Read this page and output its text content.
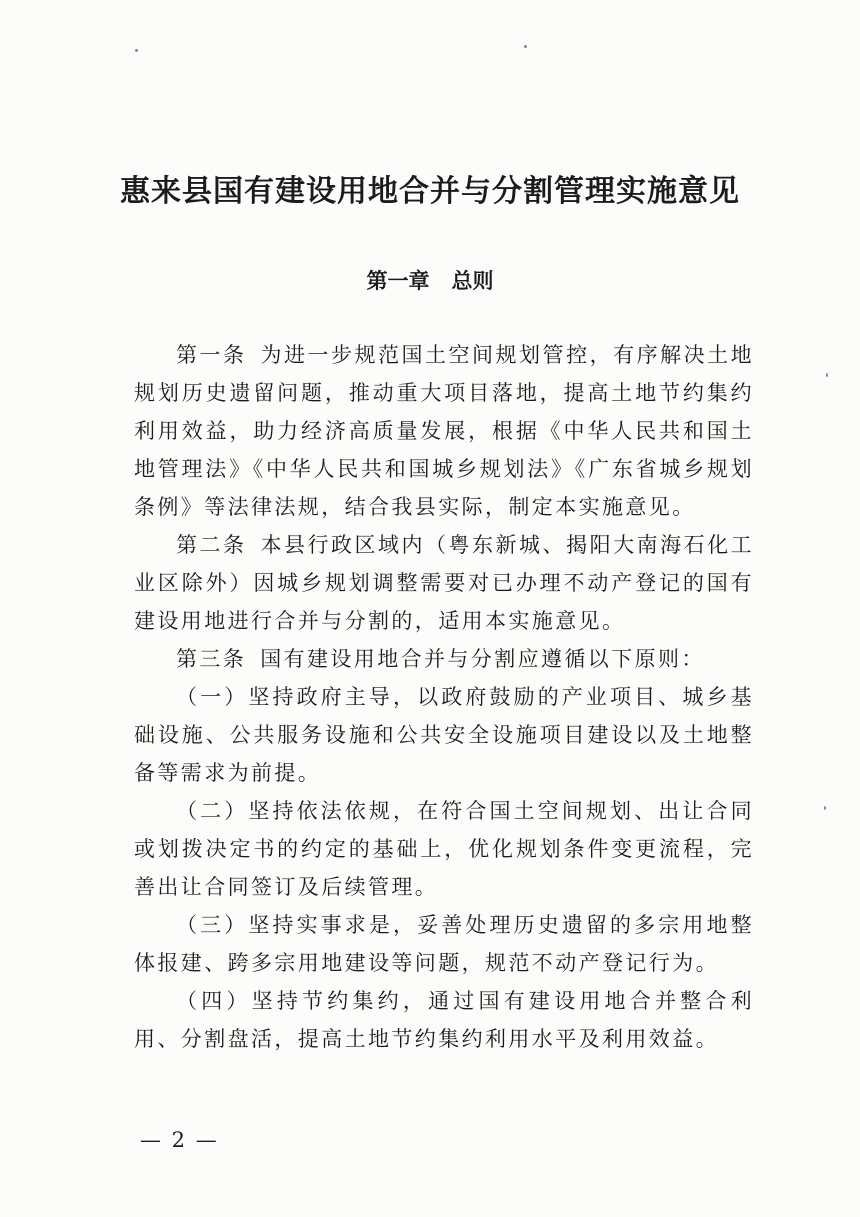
惠来县国有建设用地合并与分割管理实施意见
第一章 总则

第一条 为进一步规范国土空间规划管控，有序解决土地规划历史遗留问题，推动重大项目落地，提高土地节约集约利用效益，助力经济高质量发展，根据《中华人民共和国土地管理法》《中华人民共和国城乡规划法》《广东省城乡规划条例》等法律法规，结合我县实际，制定本实施意见。

第二条 本县行政区域内（粤东新城、揭阳大南海石化工业区除外）因城乡规划调整需要对已办理不动产登记的国有建设用地进行合并与分割的，适用本实施意见。

第三条 国有建设用地合并与分割应遵循以下原则：

（一）坚持政府主导，以政府鼓励的产业项目、城乡基础设施、公共服务设施和公共安全设施项目建设以及土地整备等需求为前提。

（二）坚持依法依规，在符合国土空间规划、出让合同或划拨决定书的约定的基础上，优化规划条件变更流程，完善出让合同签订及后续管理。

（三）坚持实事求是，妥善处理历史遗留的多宗用地整体报建、跨多宗用地建设等问题，规范不动产登记行为。

（四）坚持节约集约，通过国有建设用地合并整合利用、分割盘活，提高土地节约集约利用水平及利用效益。

— 2 —
